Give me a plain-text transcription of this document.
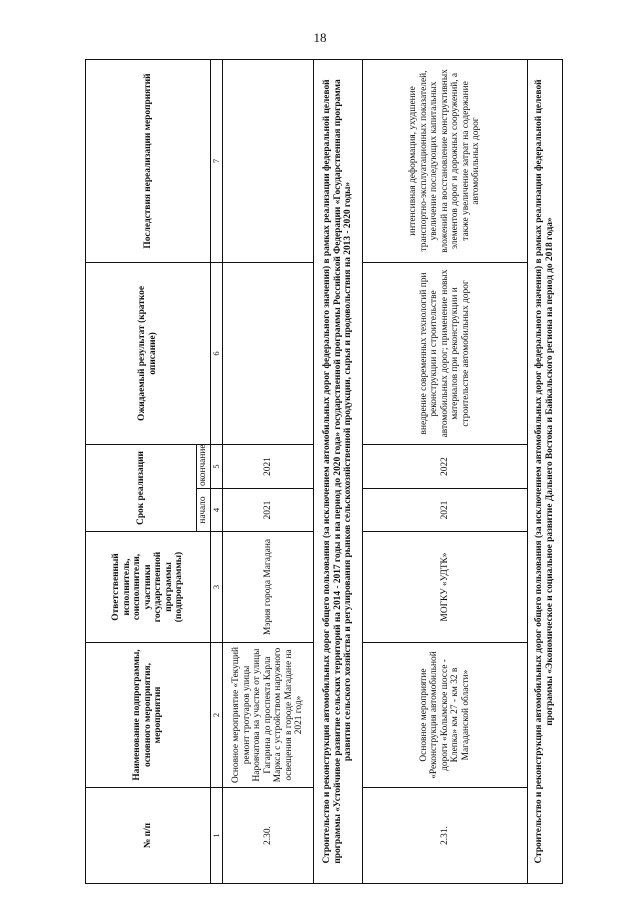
18
№ п/п	Наименование подпрограммы, основного мероприятия, мероприятия	Ответственный исполнитель, соисполнители, участники государственной программы (подпрограммы)	Срок реализации		Ожидаемый результат (краткое описание)	Последствия нереализации мероприятий
			начало	окончание		
1	2	3	4	5	6	7
2.30.	Основное мероприятие «Текущий ремонт тротуаров улицы Наровчатова на участке от улицы Гагарина до проспекта Карла Маркса с устройством наружного освещения в городе Магадане на 2021 год»	Мэрия города Магадана	2021	2021		
Строительство и реконструкция автомобильных дорог общего пользования (за исключением автомобильных дорог федерального значения) в рамках реализации федеральной целевой программы «Устойчивое развитие сельских территорий на 2014 - 2017 годы и на период до 2020 года» государственной программы Российской Федерации «Государственная программа развития сельского хозяйства и регулирования рынков сельскохозяйственной продукции, сырья и продовольствия на 2013 - 2020 годы»						
2.31.	Основное мероприятие «Реконструкция автомобильной дороги «Колымское шоссе - Клепка» км 27 - км 32 в Магаданской области»	МОГКУ «УДТК»	2021	2022	внедрение современных технологий при реконструкции и строительстве автомобильных дорог; применение новых материалов при реконструкции и строительстве автомобильных дорог	интенсивная деформация, ухудшение транспортно-эксплуатационных показателей, увеличение последующих капитальных вложений на восстановление конструктивных элементов дорог и дорожных сооружений, а также увеличение затрат на содержание автомобильных дорог
Строительство и реконструкция автомобильных дорог общего пользования (за исключением автомобильных дорог федерального значения) в рамках реализации федеральной целевой программы «Экономическое и социальное развитие Дальнего Востока и Байкальского региона на период до 2018 года»						
